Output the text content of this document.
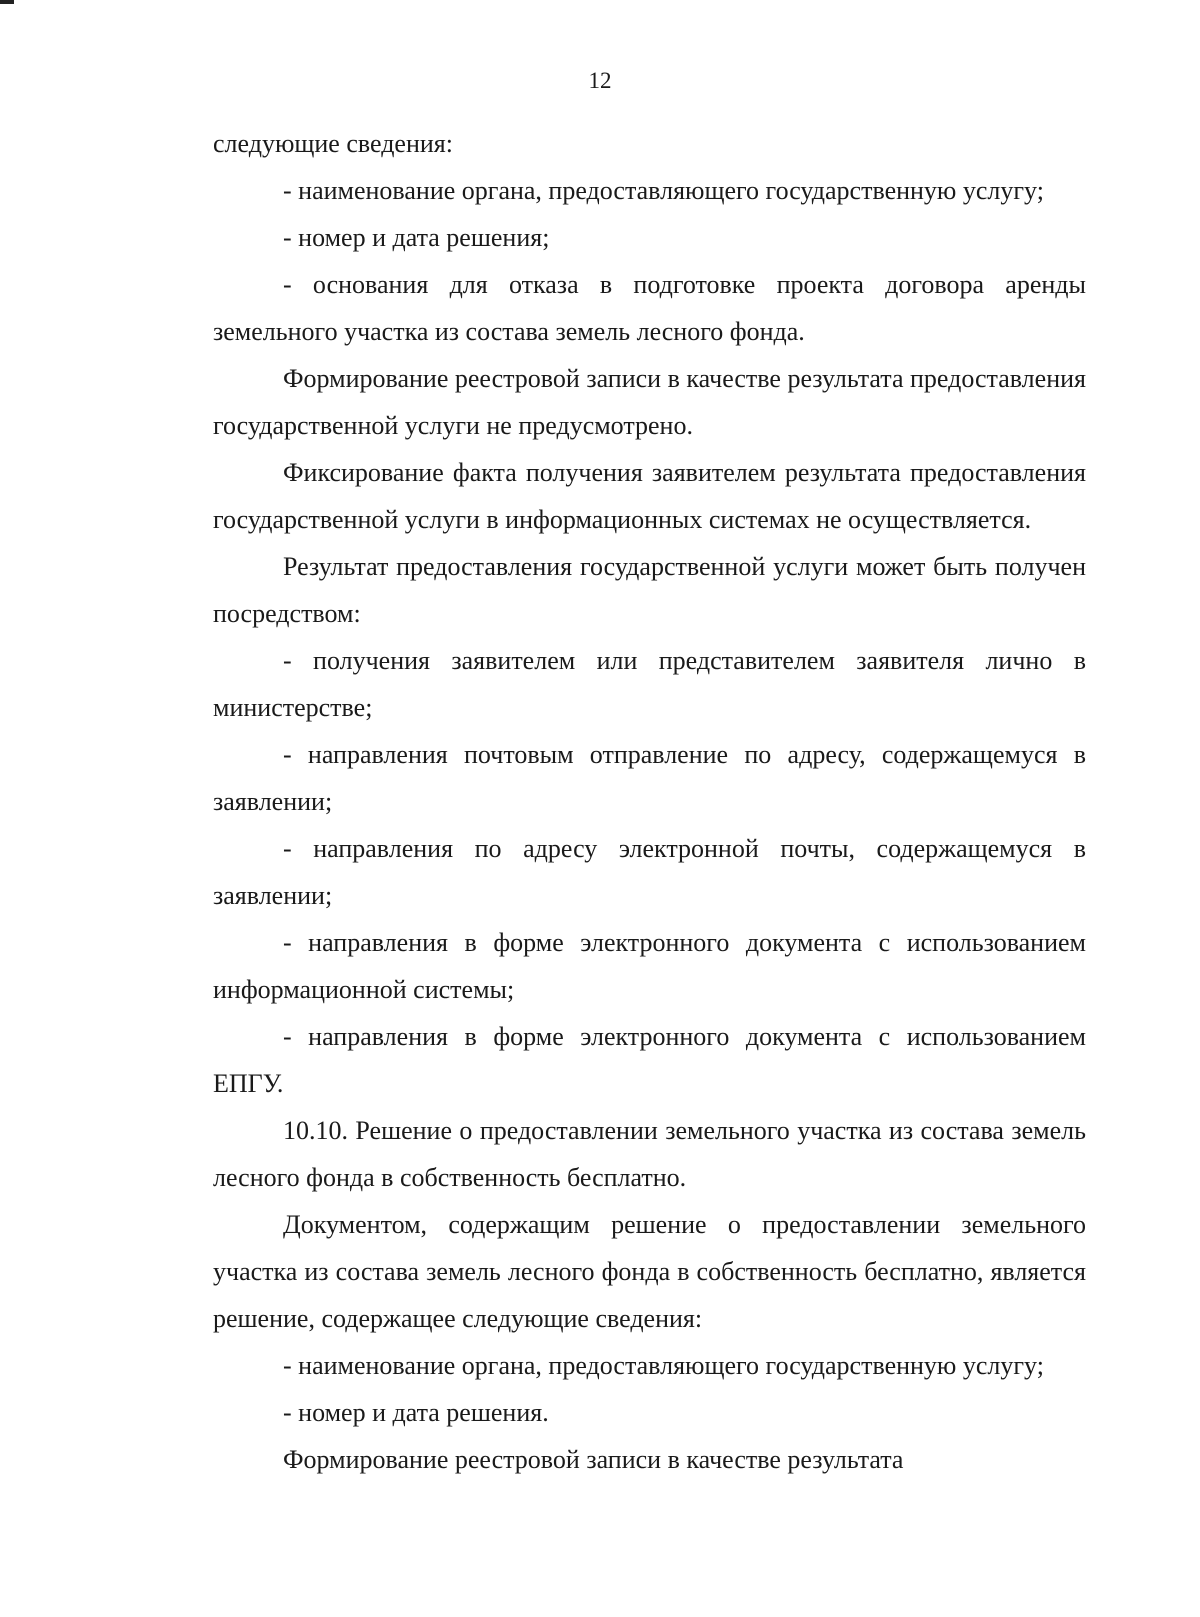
12

следующие сведения:

- наименование органа, предоставляющего государственную услугу;

- номер и дата решения;

- основания для отказа в подготовке проекта договора аренды земельного участка из состава земель лесного фонда.

Формирование реестровой записи в качестве результата предоставления государственной услуги не предусмотрено.

Фиксирование факта получения заявителем результата предоставления государственной услуги в информационных системах не осуществляется.

Результат предоставления государственной услуги может быть получен посредством:

- получения заявителем или представителем заявителя лично в министерстве;

- направления почтовым отправление по адресу, содержащемуся в заявлении;

- направления по адресу электронной почты, содержащемуся в заявлении;

- направления в форме электронного документа с использованием информационной системы;

- направления в форме электронного документа с использованием ЕПГУ.

10.10. Решение о предоставлении земельного участка из состава земель лесного фонда в собственность бесплатно.

Документом, содержащим решение о предоставлении земельного участка из состава земель лесного фонда в собственность бесплатно, является решение, содержащее следующие сведения:

- наименование органа, предоставляющего государственную услугу;

- номер и дата решения.

Формирование реестровой записи в качестве результата
